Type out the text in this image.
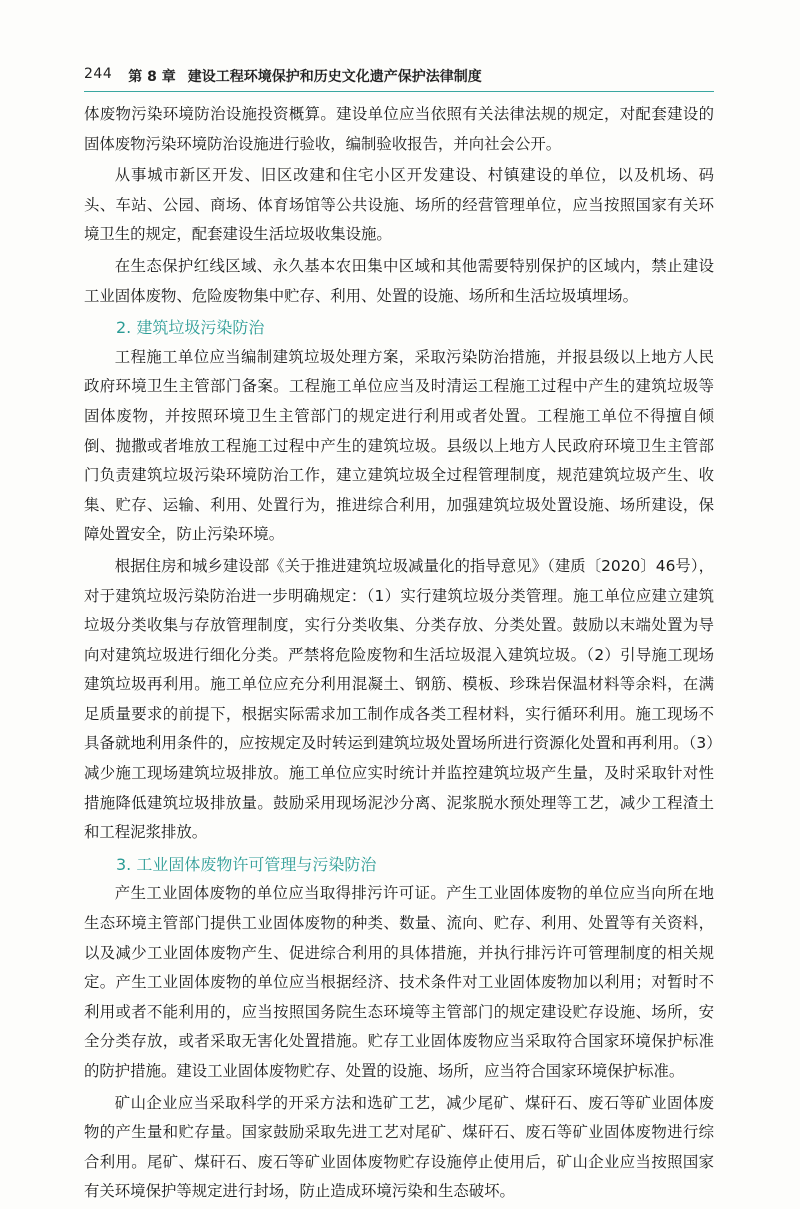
244 第 8 章 建设工程环境保护和历史文化遗产保护法律制度

体废物污染环境防治设施投资概算。建设单位应当依照有关法律法规的规定，对配套建设的固体废物污染环境防治设施进行验收，编制验收报告，并向社会公开。

从事城市新区开发、旧区改建和住宅小区开发建设、村镇建设的单位，以及机场、码头、车站、公园、商场、体育场馆等公共设施、场所的经营管理单位，应当按照国家有关环境卫生的规定，配套建设生活垃圾收集设施。

在生态保护红线区域、永久基本农田集中区域和其他需要特别保护的区域内，禁止建设工业固体废物、危险废物集中贮存、利用、处置的设施、场所和生活垃圾填埋场。

2. 建筑垃圾污染防治

工程施工单位应当编制建筑垃圾处理方案，采取污染防治措施，并报县级以上地方人民政府环境卫生主管部门备案。工程施工单位应当及时清运工程施工过程中产生的建筑垃圾等固体废物，并按照环境卫生主管部门的规定进行利用或者处置。工程施工单位不得擅自倾倒、抛撒或者堆放工程施工过程中产生的建筑垃圾。县级以上地方人民政府环境卫生主管部门负责建筑垃圾污染环境防治工作，建立建筑垃圾全过程管理制度，规范建筑垃圾产生、收集、贮存、运输、利用、处置行为，推进综合利用，加强建筑垃圾处置设施、场所建设，保障处置安全，防止污染环境。

根据住房和城乡建设部《关于推进建筑垃圾减量化的指导意见》（建质〔2020〕46号），对于建筑垃圾污染防治进一步明确规定：（1）实行建筑垃圾分类管理。施工单位应建立建筑垃圾分类收集与存放管理制度，实行分类收集、分类存放、分类处置。鼓励以末端处置为导向对建筑垃圾进行细化分类。严禁将危险废物和生活垃圾混入建筑垃圾。（2）引导施工现场建筑垃圾再利用。施工单位应充分利用混凝土、钢筋、模板、珍珠岩保温材料等余料，在满足质量要求的前提下，根据实际需求加工制作成各类工程材料，实行循环利用。施工现场不具备就地利用条件的，应按规定及时转运到建筑垃圾处置场所进行资源化处置和再利用。（3）减少施工现场建筑垃圾排放。施工单位应实时统计并监控建筑垃圾产生量，及时采取针对性措施降低建筑垃圾排放量。鼓励采用现场泥沙分离、泥浆脱水预处理等工艺，减少工程渣土和工程泥浆排放。

3. 工业固体废物许可管理与污染防治

产生工业固体废物的单位应当取得排污许可证。产生工业固体废物的单位应当向所在地生态环境主管部门提供工业固体废物的种类、数量、流向、贮存、利用、处置等有关资料，以及减少工业固体废物产生、促进综合利用的具体措施，并执行排污许可管理制度的相关规定。产生工业固体废物的单位应当根据经济、技术条件对工业固体废物加以利用；对暂时不利用或者不能利用的，应当按照国务院生态环境等主管部门的规定建设贮存设施、场所，安全分类存放，或者采取无害化处置措施。贮存工业固体废物应当采取符合国家环境保护标准的防护措施。建设工业固体废物贮存、处置的设施、场所，应当符合国家环境保护标准。

矿山企业应当采取科学的开采方法和选矿工艺，减少尾矿、煤矸石、废石等矿业固体废物的产生量和贮存量。国家鼓励采取先进工艺对尾矿、煤矸石、废石等矿业固体废物进行综合利用。尾矿、煤矸石、废石等矿业固体废物贮存设施停止使用后，矿山企业应当按照国家有关环境保护等规定进行封场，防止造成环境污染和生态破坏。
